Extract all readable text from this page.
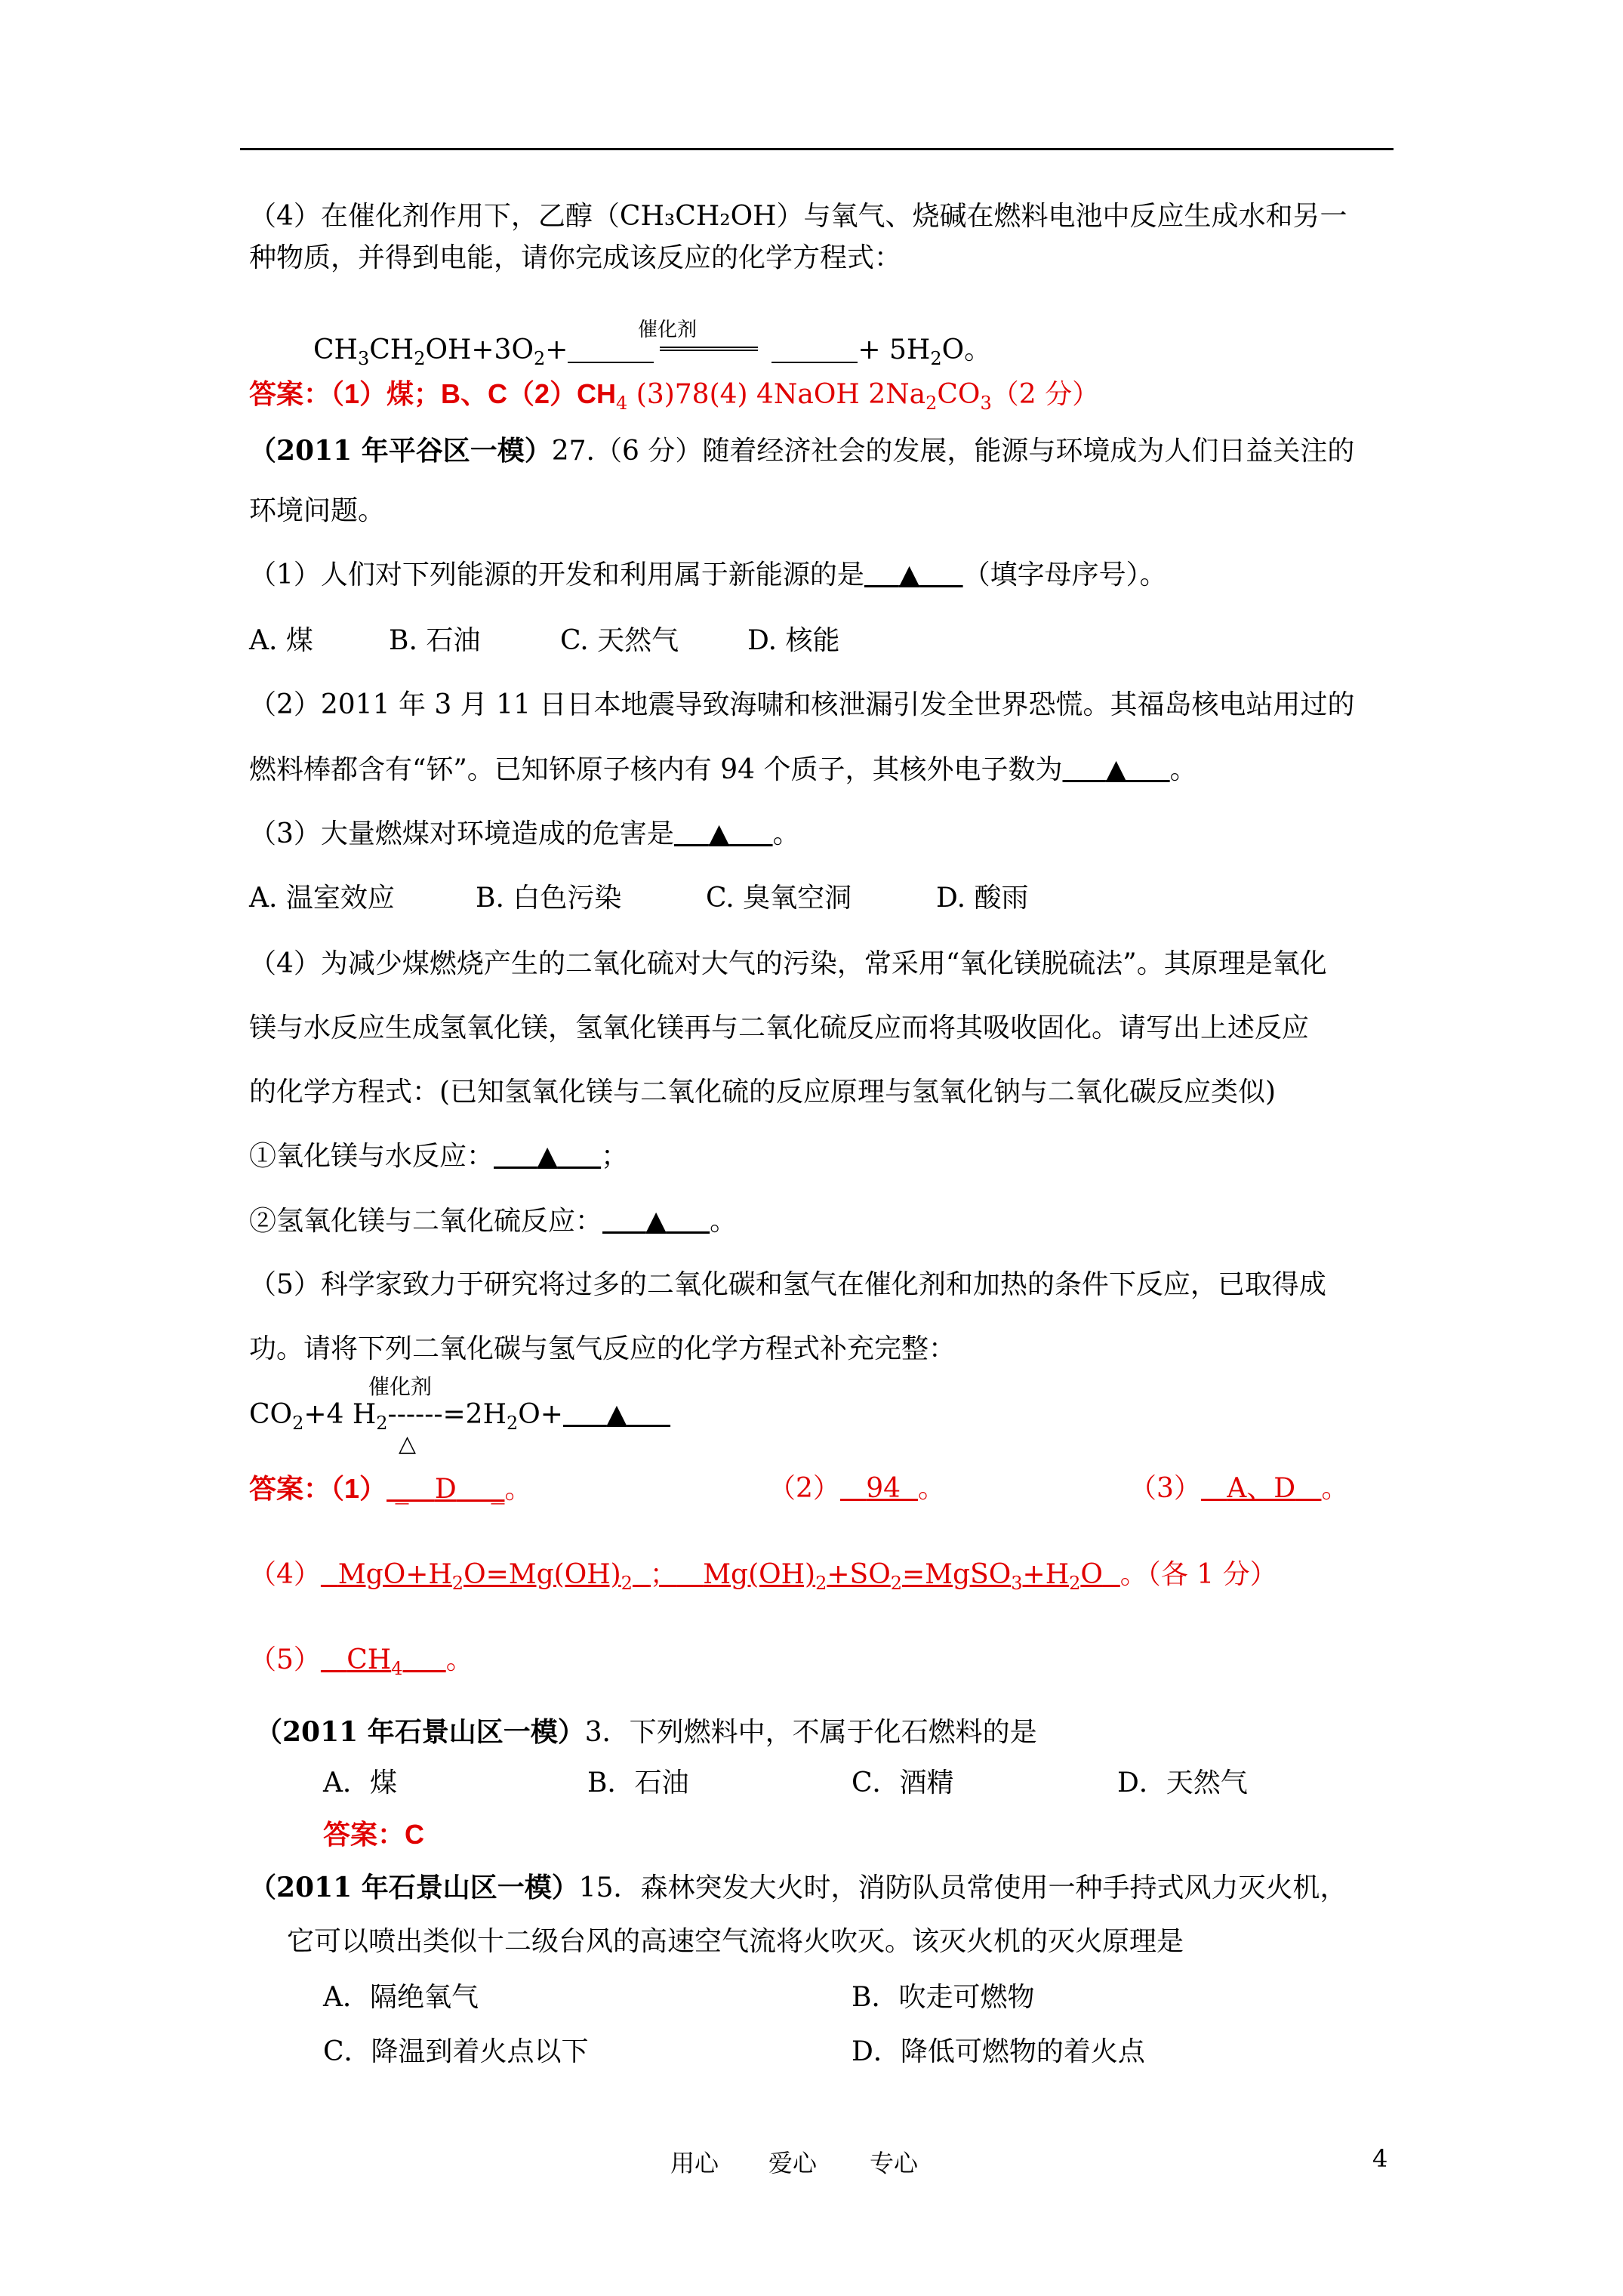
（4）在催化剂作用下，乙醇（CH₃CH₂OH）与氧气、烧碱在燃料电池中反应生成水和另一
种物质，并得到电能，请你完成该反应的化学方程式：
催化剂
$CH_3CH_2OH+3O_2+$	+ $5H_2O$。
答案：（1）煤；B、$C(2)CH_4$ (3)78(4) 4NaOH $2Na_2CO_3(2$ 分）
（2011 年平谷区一模）27.（6 分）随着经济社会的发展，能源与环境成为人们日益关注的
环境问题。
（1）人们对下列能源的开发和利用属于新能源的是 ▲ （填字母序号）。
A. 煤	B. 石油	C. 天然气	D. 核能
（2）2011 年 3 月 11 日日本地震导致海啸和核泄漏引发全世界恐慌。其福岛核电站用过的
燃料棒都含有“钚”。已知钚原子核内有 94 个质子，其核外电子数为 ▲ 。
（3）大量燃煤对环境造成的危害是 ▲ 。
A. 温室效应	B. 白色污染	C. 臭氧空洞	D. 酸雨
（4）为减少煤燃烧产生的二氧化硫对大气的污染，常采用“氧化镁脱硫法”。其原理是氧化
镁与水反应生成氢氧化镁，氢氧化镁再与二氧化硫反应而将其吸收固化。请写出上述反应
的化学方程式：(已知氢氧化镁与二氧化硫的反应原理与氢氧化钠与二氧化碳反应类似)
①氧化镁与水反应： ▲ ；
②氢氧化镁与二氧化硫反应： ▲ 。
（5）科学家致力于研究将过多的二氧化碳和氢气在催化剂和加热的条件下反应，已取得成
功。请将下列二氧化碳与氢气反应的化学方程式补充完整：
催化剂
$CO_2+4$ $H_2------=2H_2O+$ ▲
△
答案：（1） _   D    _。	（2） 94 。	（3） A、D 。
（4） $MgO+H_2O=Mg(OH)_2$ ； $Mg(OH)_2+SO_2=MgSO_3+H_2O$ 。（各 1 分）
（5） $CH_4$ 。
（2011 年石景山区一模）3．下列燃料中，不属于化石燃料的是
A．煤	B．石油	C．酒精	D．天然气
答案：C
（2011 年石景山区一模）15．森林突发大火时，消防队员常使用一种手持式风力灭火机，
它可以喷出类似十二级台风的高速空气流将火吹灭。该灭火机的灭火原理是
A．隔绝氧气	B．吹走可燃物
C．降温到着火点以下	D．降低可燃物的着火点
用心 爱心 专心	4
